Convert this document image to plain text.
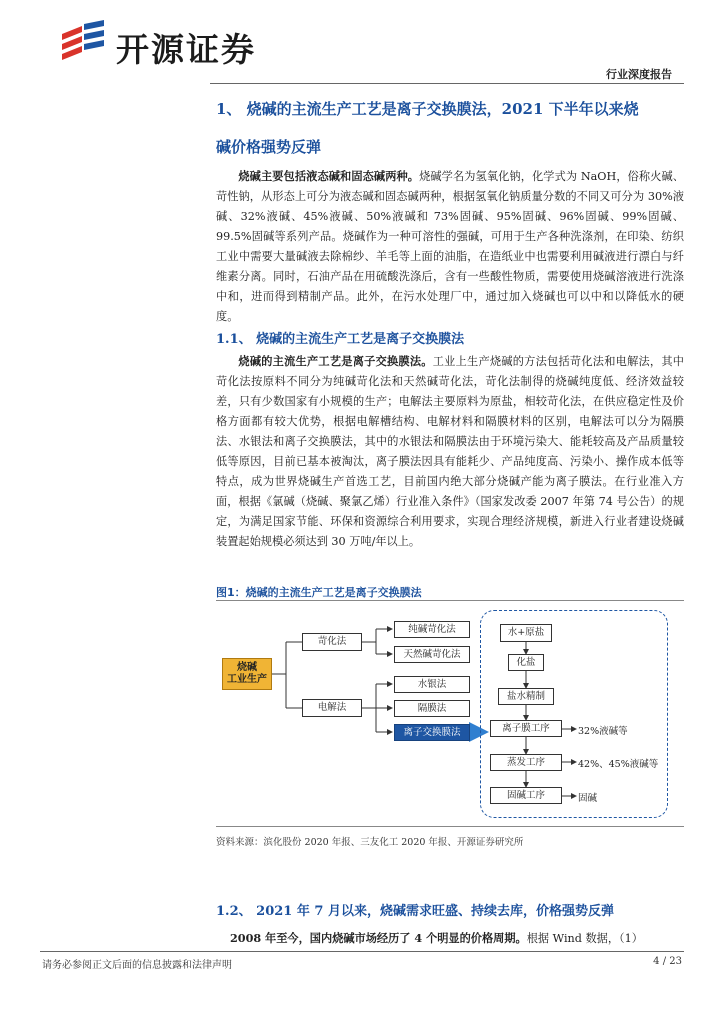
开源证券
行业深度报告
1、 烧碱的主流生产工艺是离子交换膜法，2021 下半年以来烧
碱价格强势反弹
烧碱主要包括液态碱和固态碱两种。烧碱学名为氢氧化钠，化学式为 NaOH，俗称火碱、苛性钠，从形态上可分为液态碱和固态碱两种，根据氢氧化钠质量分数的不同又可分为 30%液碱、32%液碱、45%液碱、50%液碱和 73%固碱、95%固碱、96%固碱、99%固碱、99.5%固碱等系列产品。烧碱作为一种可溶性的强碱，可用于生产各种洗涤剂，在印染、纺织工业中需要大量碱液去除棉纱、羊毛等上面的油脂，在造纸业中也需要利用碱液进行漂白与纤维素分离。同时，石油产品在用硫酸洗涤后，含有一些酸性物质，需要使用烧碱溶液进行洗涤中和，进而得到精制产品。此外，在污水处理厂中，通过加入烧碱也可以中和以降低水的硬度。
1.1、 烧碱的主流生产工艺是离子交换膜法
烧碱的主流生产工艺是离子交换膜法。工业上生产烧碱的方法包括苛化法和电解法，其中苛化法按原料不同分为纯碱苛化法和天然碱苛化法，苛化法制得的烧碱纯度低、经济效益较差，只有少数国家有小规模的生产；电解法主要原料为原盐，相较苛化法，在供应稳定性及价格方面都有较大优势，根据电解槽结构、电解材料和隔膜材料的区别，电解法可以分为隔膜法、水银法和离子交换膜法，其中的水银法和隔膜法由于环境污染大、能耗较高及产品质量较低等原因，目前已基本被淘汰，离子膜法因具有能耗少、产品纯度高、污染小、操作成本低等特点，成为世界烧碱生产首选工艺，目前国内绝大部分烧碱产能为离子膜法。在行业准入方面，根据《氯碱（烧碱、聚氯乙烯）行业准入条件》（国家发改委 2007 年第 74 号公告）的规定，为满足国家节能、环保和资源综合利用要求，实现合理经济规模，新进入行业者建设烧碱装置起始规模必须达到 30 万吨/年以上。
图1：烧碱的主流生产工艺是离子交换膜法
烧碱
工业生产
苛化法
电解法
纯碱苛化法
天然碱苛化法
水银法
隔膜法
离子交换膜法
水+原盐
化盐
盐水精制
离子膜工序
蒸发工序
固碱工序
32%液碱等
42%、45%液碱等
固碱
资料来源：滨化股份 2020 年报、三友化工 2020 年报、开源证券研究所
1.2、 2021 年 7 月以来，烧碱需求旺盛、持续去库，价格强势反弹
2008 年至今，国内烧碱市场经历了 4 个明显的价格周期。根据 Wind 数据，（1）
请务必参阅正文后面的信息披露和法律声明	4 / 23
